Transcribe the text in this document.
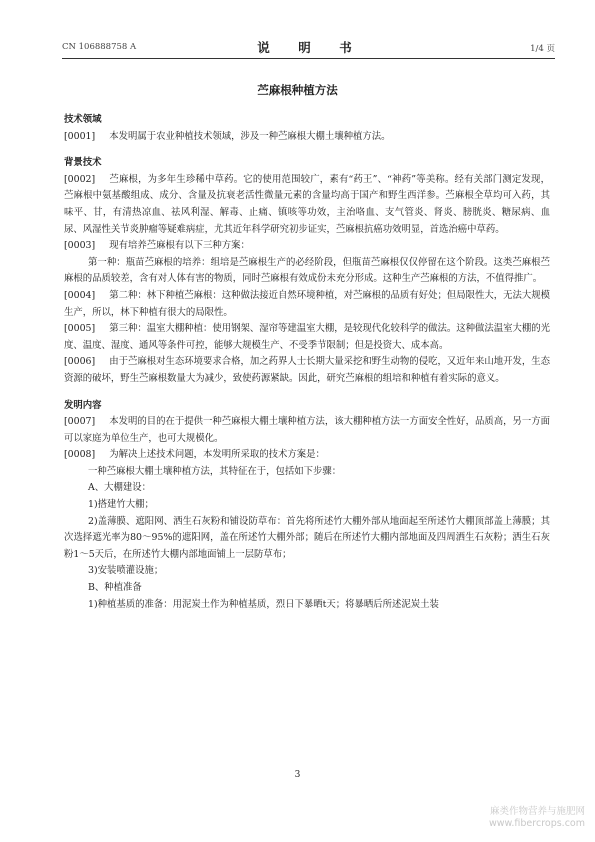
CN 106888758 A	说　明　书	1/4 页
苎麻根种植方法
技术领域

[0001] 本发明属于农业种植技术领域，涉及一种苎麻根大棚土壤种植方法。

背景技术

[0002] 苎麻根，为多年生珍稀中草药。它的使用范围较广，素有“药王”、“神药”等美称。经有关部门测定发现，苎麻根中氨基酸组成、成分、含量及抗衰老活性微量元素的含量均高于国产和野生西洋参。苎麻根全草均可入药，其味平、甘，有清热凉血、祛风利湿、解毒、止痛、镇咳等功效，主治咯血、支气管炎、肾炎、膀胱炎、糖尿病、血尿、风湿性关节炎肿瘤等疑难病症，尤其近年科学研究初步证实，苎麻根抗癌功效明显，首选治癌中草药。

[0003] 现有培养苎麻根有以下三种方案：

第一种：瓶苗苎麻根的培养：组培是苎麻根生产的必经阶段，但瓶苗苎麻根仅仅停留在这个阶段。这类苎麻根苎麻根的品质较差，含有对人体有害的物质，同时苎麻根有效成份未充分形成。这种生产苎麻根的方法，不值得推广。

[0004] 第二种：林下种植苎麻根：这种做法接近自然环境种植，对苎麻根的品质有好处；但局限性大，无法大规模生产，所以，林下种植有很大的局限性。

[0005] 第三种：温室大棚种植：使用钢架、湿帘等建温室大棚，是较现代化较科学的做法。这种做法温室大棚的光度、温度、湿度、通风等条件可控，能够大规模生产、不受季节限制；但是投资大、成本高。

[0006] 由于苎麻根对生态环境要求合格，加之药界人士长期大量采挖和野生动物的侵吃，又近年来山地开发，生态资源的破坏，野生苎麻根数量大为减少，致使药源紧缺。因此，研究苎麻根的组培和种植有着实际的意义。

发明内容

[0007] 本发明的目的在于提供一种苎麻根大棚土壤种植方法，该大棚种植方法一方面安全性好，品质高，另一方面可以家庭为单位生产，也可大规模化。

[0008] 为解决上述技术问题，本发明所采取的技术方案是：

一种苎麻根大棚土壤种植方法，其特征在于，包括如下步骤：

A、大棚建设：

1)搭建竹大棚；

2)盖薄膜、遮阳网、洒生石灰粉和铺设防草布：首先将所述竹大棚外部从地面起至所述竹大棚顶部盖上薄膜；其次选择遮光率为80～95%的遮阳网，盖在所述竹大棚外部；随后在所述竹大棚内部地面及四周洒生石灰粉；洒生石灰粉1～5天后，在所述竹大棚内部地面铺上一层防草布；

3)安装喷灌设施；

B、种植准备

1)种植基质的准备：用泥炭土作为种植基质，烈日下暴晒t天；将暴晒后所述泥炭土装

3
麻类作物营养与施肥网
www.fibercrops.com
